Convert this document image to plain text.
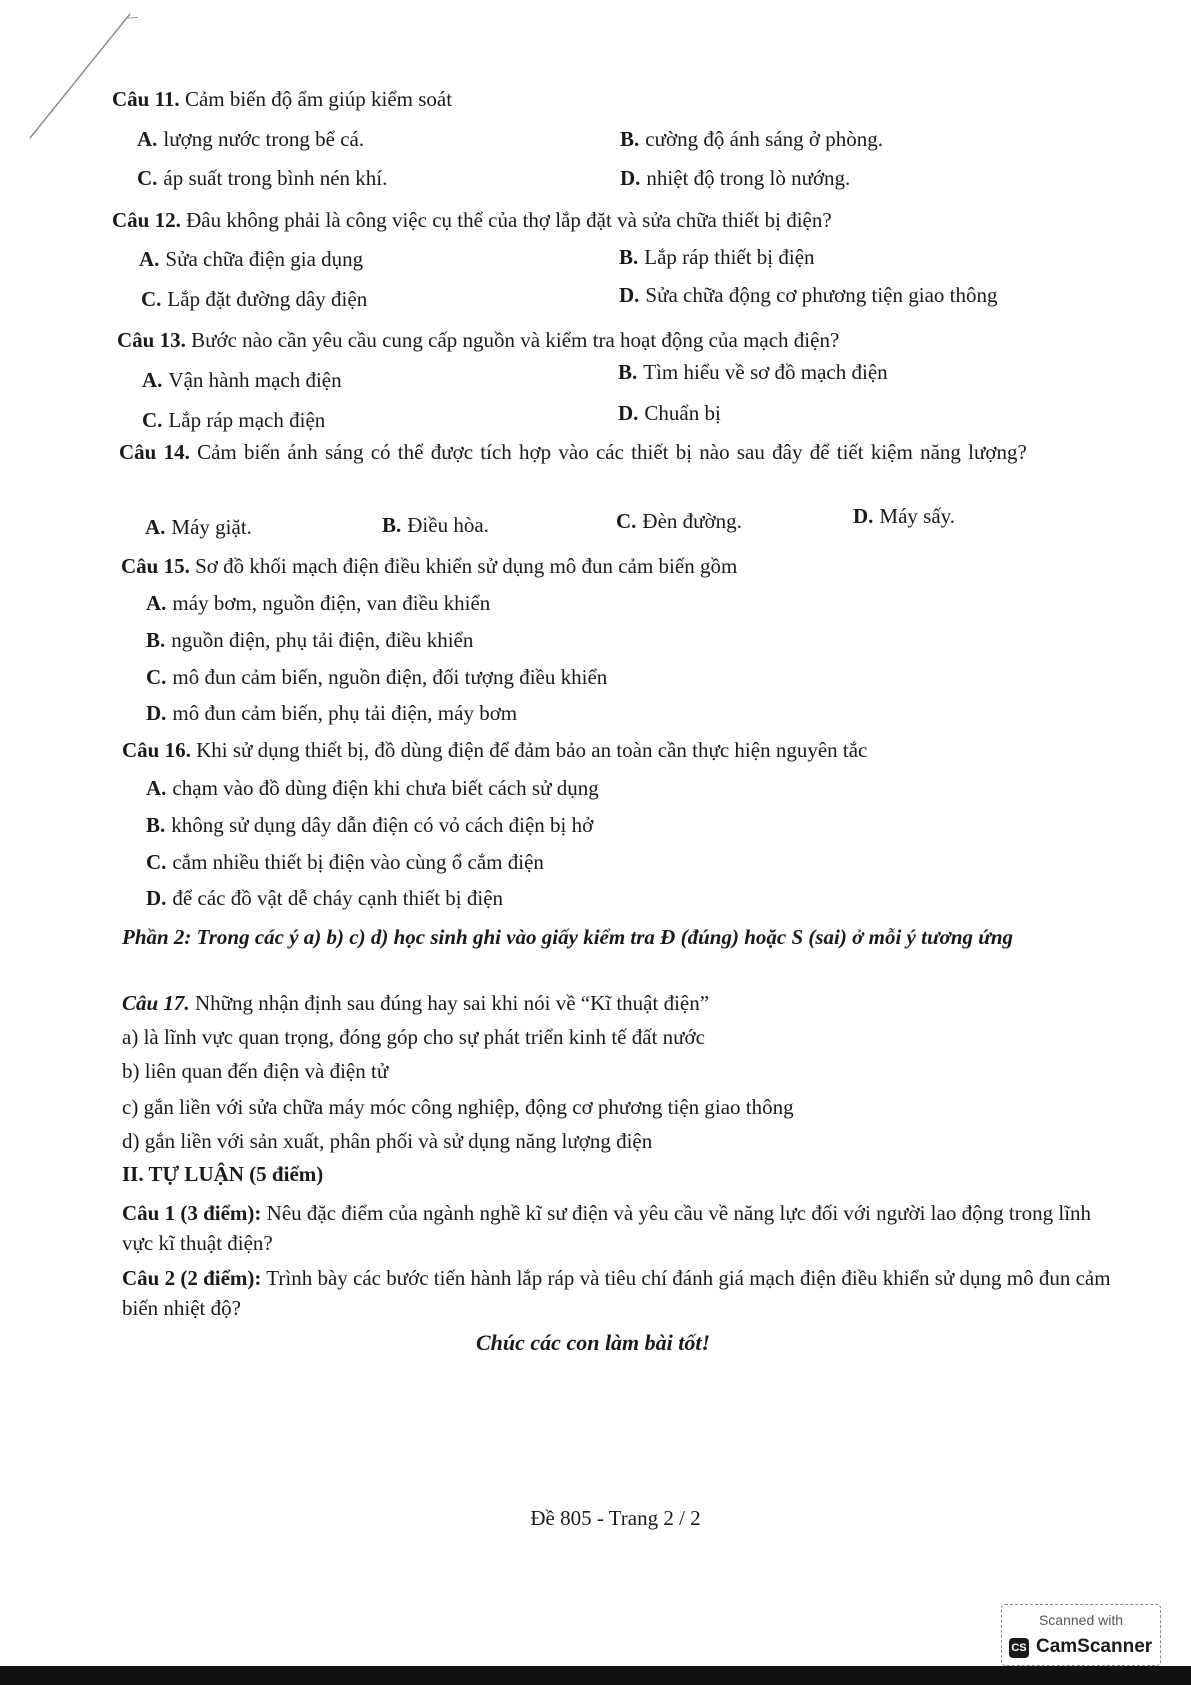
Câu 11. Cảm biến độ ẩm giúp kiểm soát
A. lượng nước trong bể cá.	B. cường độ ánh sáng ở phòng.
C. áp suất trong bình nén khí.	D. nhiệt độ trong lò nướng.
Câu 12. Đâu không phải là công việc cụ thể của thợ lắp đặt và sửa chữa thiết bị điện?
A. Sửa chữa điện gia dụng	B. Lắp ráp thiết bị điện
C. Lắp đặt đường dây điện	D. Sửa chữa động cơ phương tiện giao thông
Câu 13. Bước nào cần yêu cầu cung cấp nguồn và kiểm tra hoạt động của mạch điện?
A. Vận hành mạch điện	B. Tìm hiểu về sơ đồ mạch điện
C. Lắp ráp mạch điện	D. Chuẩn bị
Câu 14. Cảm biến ánh sáng có thể được tích hợp vào các thiết bị nào sau đây để tiết kiệm năng lượng?
A. Máy giặt.	B. Điều hòa.	C. Đèn đường.	D. Máy sấy.
Câu 15. Sơ đồ khối mạch điện điều khiển sử dụng mô đun cảm biến gồm
A. máy bơm, nguồn điện, van điều khiển
B. nguồn điện, phụ tải điện, điều khiển
C. mô đun cảm biến, nguồn điện, đối tượng điều khiển
D. mô đun cảm biến, phụ tải điện, máy bơm
Câu 16. Khi sử dụng thiết bị, đồ dùng điện để đảm bảo an toàn cần thực hiện nguyên tắc
A. chạm vào đồ dùng điện khi chưa biết cách sử dụng
B. không sử dụng dây dẫn điện có vỏ cách điện bị hở
C. cắm nhiều thiết bị điện vào cùng ổ cắm điện
D. để các đồ vật dễ cháy cạnh thiết bị điện
Phần 2: Trong các ý a) b) c) d) học sinh ghi vào giấy kiểm tra Đ (đúng) hoặc S (sai) ở mỗi ý tương ứng
Câu 17. Những nhận định sau đúng hay sai khi nói về “Kĩ thuật điện”
a) là lĩnh vực quan trọng, đóng góp cho sự phát triển kinh tế đất nước
b) liên quan đến điện và điện tử
c) gắn liền với sửa chữa máy móc công nghiệp, động cơ phương tiện giao thông
d) gắn liền với sản xuất, phân phối và sử dụng năng lượng điện
II. TỰ LUẬN (5 điểm)
Câu 1 (3 điểm): Nêu đặc điểm của ngành nghề kĩ sư điện và yêu cầu về năng lực đối với người lao động trong lĩnh vực kĩ thuật điện?
Câu 2 (2 điểm): Trình bày các bước tiến hành lắp ráp và tiêu chí đánh giá mạch điện điều khiển sử dụng mô đun cảm biến nhiệt độ?
Chúc các con làm bài tốt!
Đề 805 - Trang 2 / 2
Scanned with
CS CamScanner
